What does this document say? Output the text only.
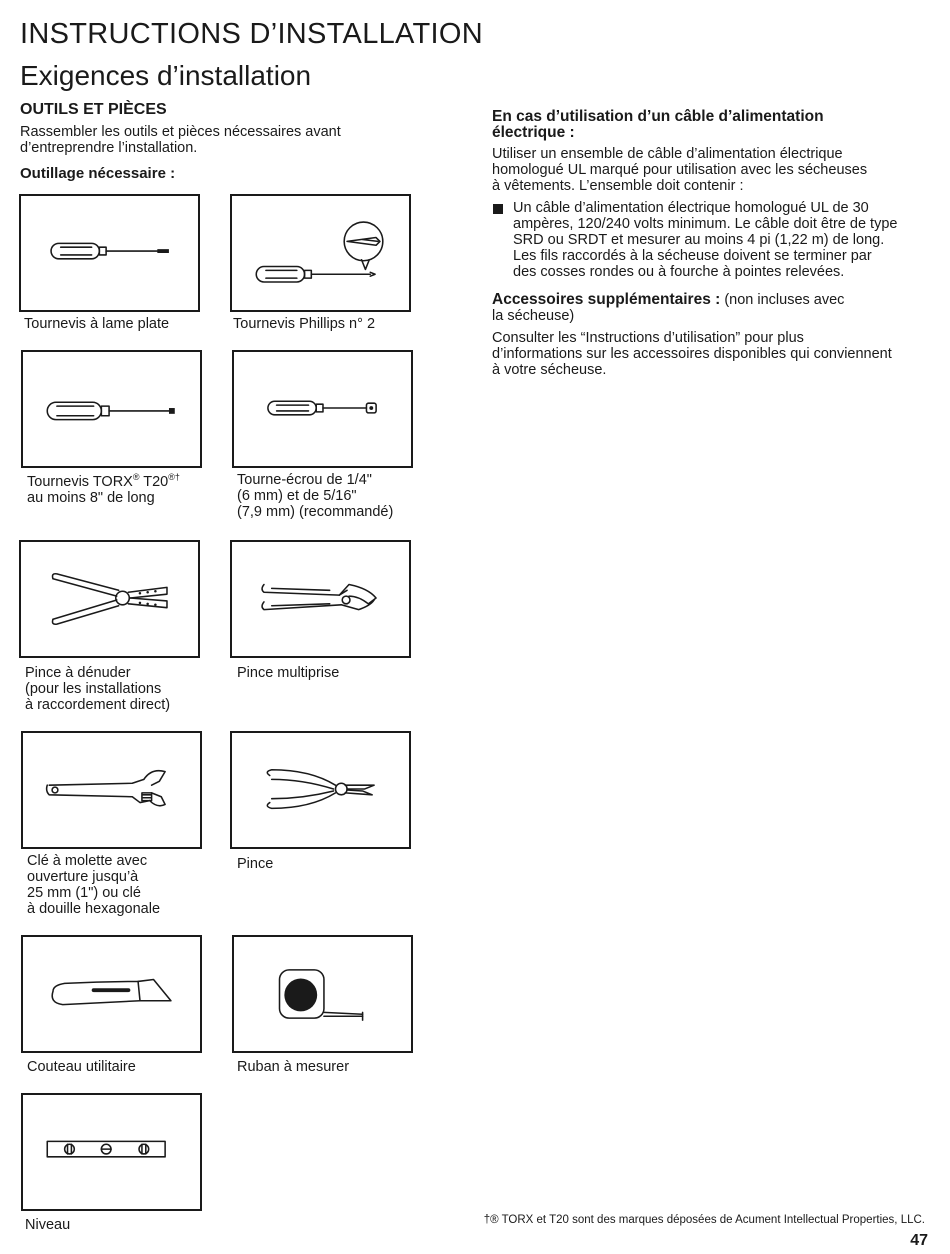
INSTRUCTIONS D’INSTALLATION
Exigences d’installation
OUTILS ET PIÈCES
Rassembler les outils et pièces nécessaires avant
d’entreprendre l’installation.
Outillage nécessaire :
Tournevis à lame plate	Tournevis Phillips n° 2
Tournevis TORX® T20®†
au moins 8" de long
Tourne-écrou de 1/4"
(6 mm) et de 5/16"
(7,9 mm) (recommandé)
Pince à dénuder
(pour les installations
à raccordement direct)
Pince multiprise
Clé à molette avec
ouverture jusqu’à
25 mm (1") ou clé
à douille hexagonale
Pince
Couteau utilitaire	Ruban à mesurer
Niveau
En cas d’utilisation d’un câble d’alimentation
électrique :
Utiliser un ensemble de câble d’alimentation électrique
homologué UL marqué pour utilisation avec les sécheuses
à vêtements. L’ensemble doit contenir :
Un câble d’alimentation électrique homologué UL de 30
ampères, 120/240 volts minimum. Le câble doit être de type
SRD ou SRDT et mesurer au moins 4 pi (1,22 m) de long.
Les fils raccordés à la sécheuse doivent se terminer par
des cosses rondes ou à fourche à pointes relevées.
Accessoires supplémentaires : (non incluses avec
la sécheuse)
Consulter les “Instructions d’utilisation” pour plus
d’informations sur les accessoires disponibles qui conviennent
à votre sécheuse.
†® TORX et T20 sont des marques déposées de Acument Intellectual Properties, LLC.
47
